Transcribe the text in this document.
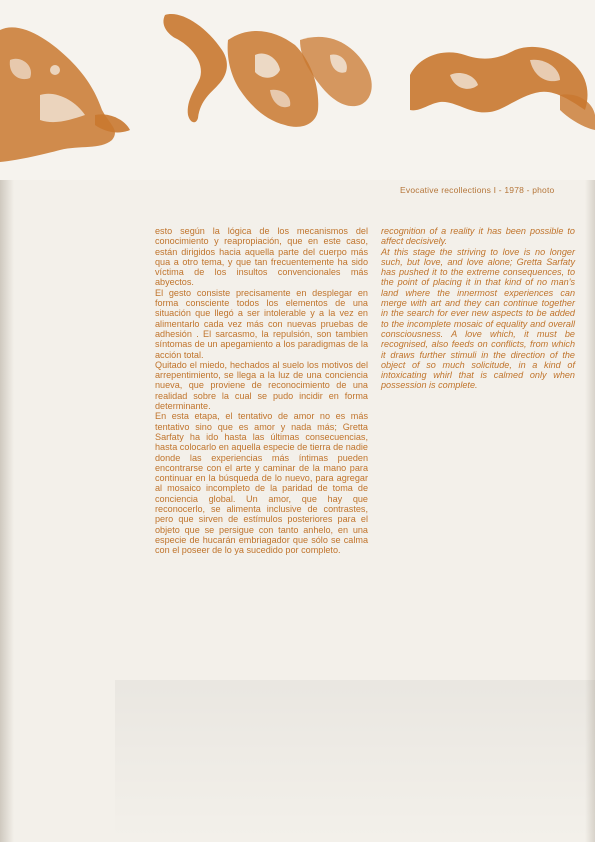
Evocative recollections I - 1978 - photo

esto según la lógica de los mecanismos del conocimiento y reapropiación, que en este caso, están dirigidos hacia aquella parte del cuerpo más qua a otro tema, y que tan frecuentemente ha sido víctima de los insultos convencionales más abyectos.

El gesto consiste precisamente en desplegar en forma consciente todos los elementos de una situación que llegó a ser intolerable y a la vez en alimentarlo cada vez más con nuevas pruebas de adhesión . El sarcasmo, la repulsión, son tambien síntomas de un apegamiento a los paradigmas de la acción total.

Quitado el miedo, hechados al suelo los motivos del arrepentimiento, se llega a la luz de una conciencia nueva, que proviene de reconocimiento de una realidad sobre la cual se pudo incidir en forma determinante.

En esta etapa, el tentativo de amor no es más tentativo sino que es amor y nada más; Gretta Sarfaty ha ido hasta las últimas consecuencias, hasta colocarlo en aquella especie de tierra de nadie donde las experiencias más íntimas pueden encontrarse con el arte y caminar de la mano para continuar en la búsqueda de lo nuevo, para agregar al mosaico incompleto de la paridad de toma de conciencia global. Un amor, que hay que reconocerlo, se alimenta inclusive de contrastes, pero que sirven de estímulos posteriores para el objeto que se persigue con tanto anhelo, en una especie de hucarán embriagador que sólo se calma con el poseer de lo ya sucedido por completo.

recognition of a reality it has been possible to affect decisively.

At this stage the striving to love is no longer such, but love, and love alone; Gretta Sarfaty has pushed it to the extreme consequences, to the point of placing it in that kind of no man's land where the innermost experiences can merge with art and they can continue together in the search for ever new aspects to be added to the incomplete mosaic of equality and overall consciousness. A love which, it must be recognised, also feeds on conflicts, from which it draws further stimuli in the direction of the object of so much solicitude, in a kind of intoxicating whirl that is calmed only when possession is complete.
